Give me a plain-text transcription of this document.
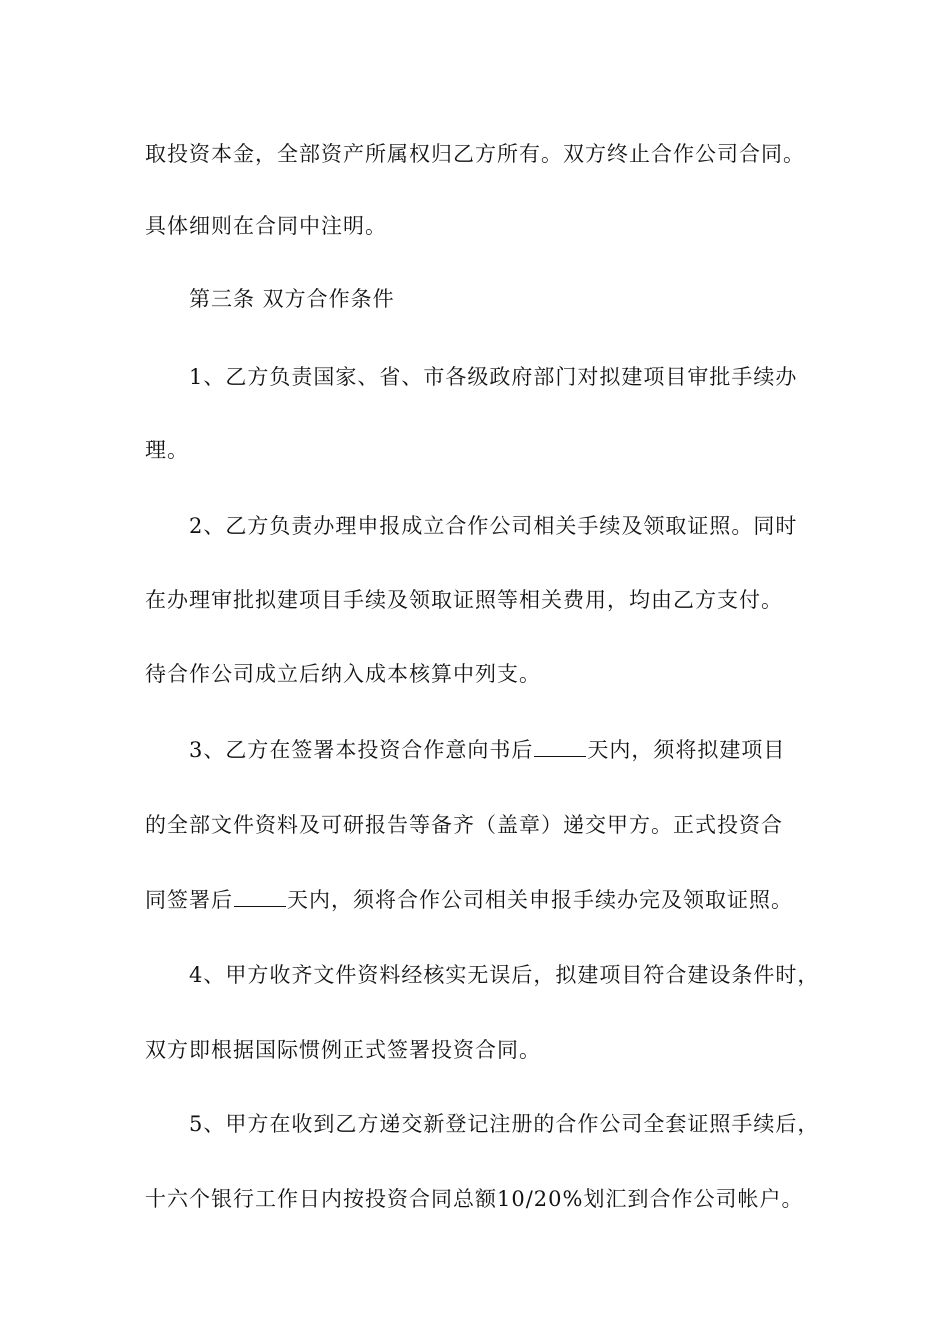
取投资本金，全部资产所属权归乙方所有。双方终止合作公司合同。
具体细则在合同中注明。
第三条 双方合作条件
1、乙方负责国家、省、市各级政府部门对拟建项目审批手续办
理。
2、乙方负责办理申报成立合作公司相关手续及领取证照。同时
在办理审批拟建项目手续及领取证照等相关费用，均由乙方支付。
待合作公司成立后纳入成本核算中列支。
3、乙方在签署本投资合作意向书后	天内，须将拟建项目
的全部文件资料及可研报告等备齐（盖章）递交甲方。正式投资合
同签署后	天内，须将合作公司相关申报手续办完及领取证照。
4、甲方收齐文件资料经核实无误后，拟建项目符合建设条件时，
双方即根据国际惯例正式签署投资合同。
5、甲方在收到乙方递交新登记注册的合作公司全套证照手续后，
十六个银行工作日内按投资合同总额10/20%划汇到合作公司帐户。
